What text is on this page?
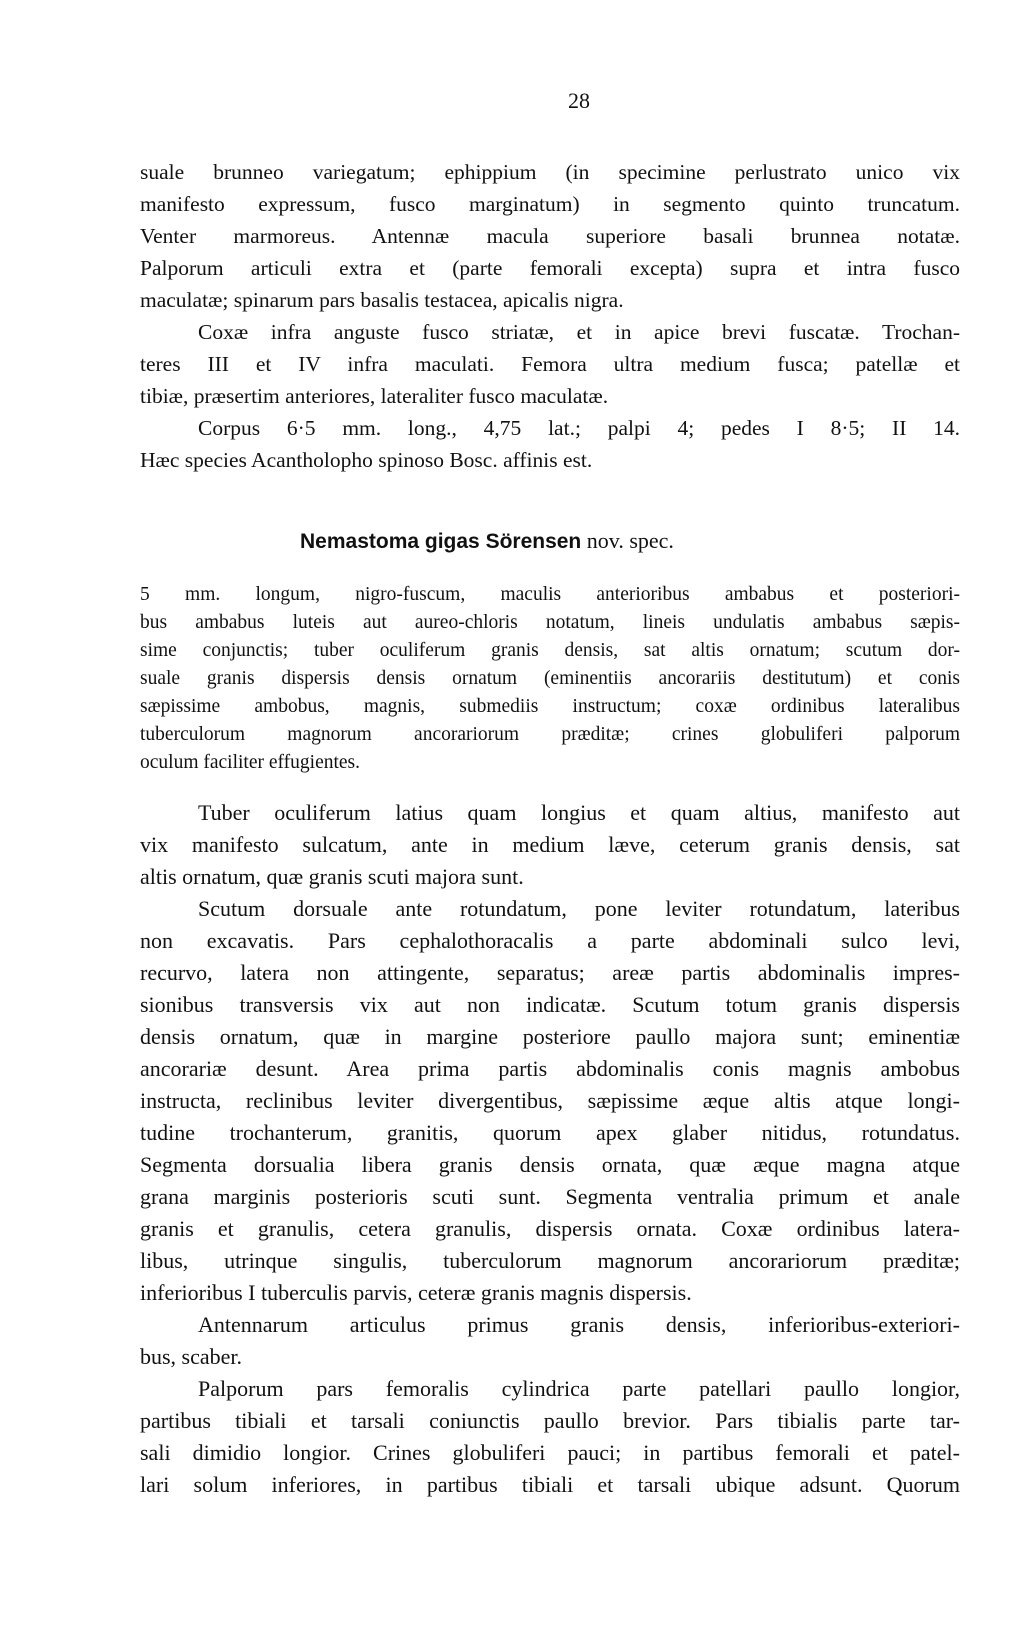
28

suale brunneo variegatum; ephippium (in specimine perlustrato unico vix

manifesto expressum, fusco marginatum) in segmento quinto truncatum.

Venter marmoreus. Antennæ macula superiore basali brunnea notatæ.

Palporum articuli extra et (parte femorali excepta) supra et intra fusco

maculatæ; spinarum pars basalis testacea, apicalis nigra.

Coxæ infra anguste fusco striatæ, et in apice brevi fuscatæ. Trochan-

teres III et IV infra maculati. Femora ultra medium fusca; patellæ et

tibiæ, præsertim anteriores, lateraliter fusco maculatæ.

Corpus 6·5 mm. long., 4,75 lat.; palpi 4; pedes I 8·5; II 14.

Hæc species Acantholopho spinoso Bosc. affinis est.

Nemastoma gigas Sörensen nov. spec.

5 mm. longum, nigro-fuscum, maculis anterioribus ambabus et posteriori-

bus ambabus luteis aut aureo-chloris notatum, lineis undulatis ambabus sæpis-

sime conjunctis; tuber oculiferum granis densis, sat altis ornatum; scutum dor-

suale granis dispersis densis ornatum (eminentiis ancorariis destitutum) et conis

sæpissime ambobus, magnis, submediis instructum; coxæ ordinibus lateralibus

tuberculorum magnorum ancorariorum præditæ; crines globuliferi palporum

oculum faciliter effugientes.

Tuber oculiferum latius quam longius et quam altius, manifesto aut

vix manifesto sulcatum, ante in medium læve, ceterum granis densis, sat

altis ornatum, quæ granis scuti majora sunt.

Scutum dorsuale ante rotundatum, pone leviter rotundatum, lateribus

non excavatis. Pars cephalothoracalis a parte abdominali sulco levi,

recurvo, latera non attingente, separatus; areæ partis abdominalis impres-

sionibus transversis vix aut non indicatæ. Scutum totum granis dispersis

densis ornatum, quæ in margine posteriore paullo majora sunt; eminentiæ

ancorariæ desunt. Area prima partis abdominalis conis magnis ambobus

instructa, reclinibus leviter divergentibus, sæpissime æque altis atque longi-

tudine trochanterum, granitis, quorum apex glaber nitidus, rotundatus.

Segmenta dorsualia libera granis densis ornata, quæ æque magna atque

grana marginis posterioris scuti sunt. Segmenta ventralia primum et anale

granis et granulis, cetera granulis, dispersis ornata. Coxæ ordinibus latera-

libus, utrinque singulis, tuberculorum magnorum ancorariorum præditæ;

inferioribus I tuberculis parvis, ceteræ granis magnis dispersis.

Antennarum articulus primus granis densis, inferioribus-exteriori-

bus, scaber.

Palporum pars femoralis cylindrica parte patellari paullo longior,

partibus tibiali et tarsali coniunctis paullo brevior. Pars tibialis parte tar-

sali dimidio longior. Crines globuliferi pauci; in partibus femorali et patel-

lari solum inferiores, in partibus tibiali et tarsali ubique adsunt. Quorum
